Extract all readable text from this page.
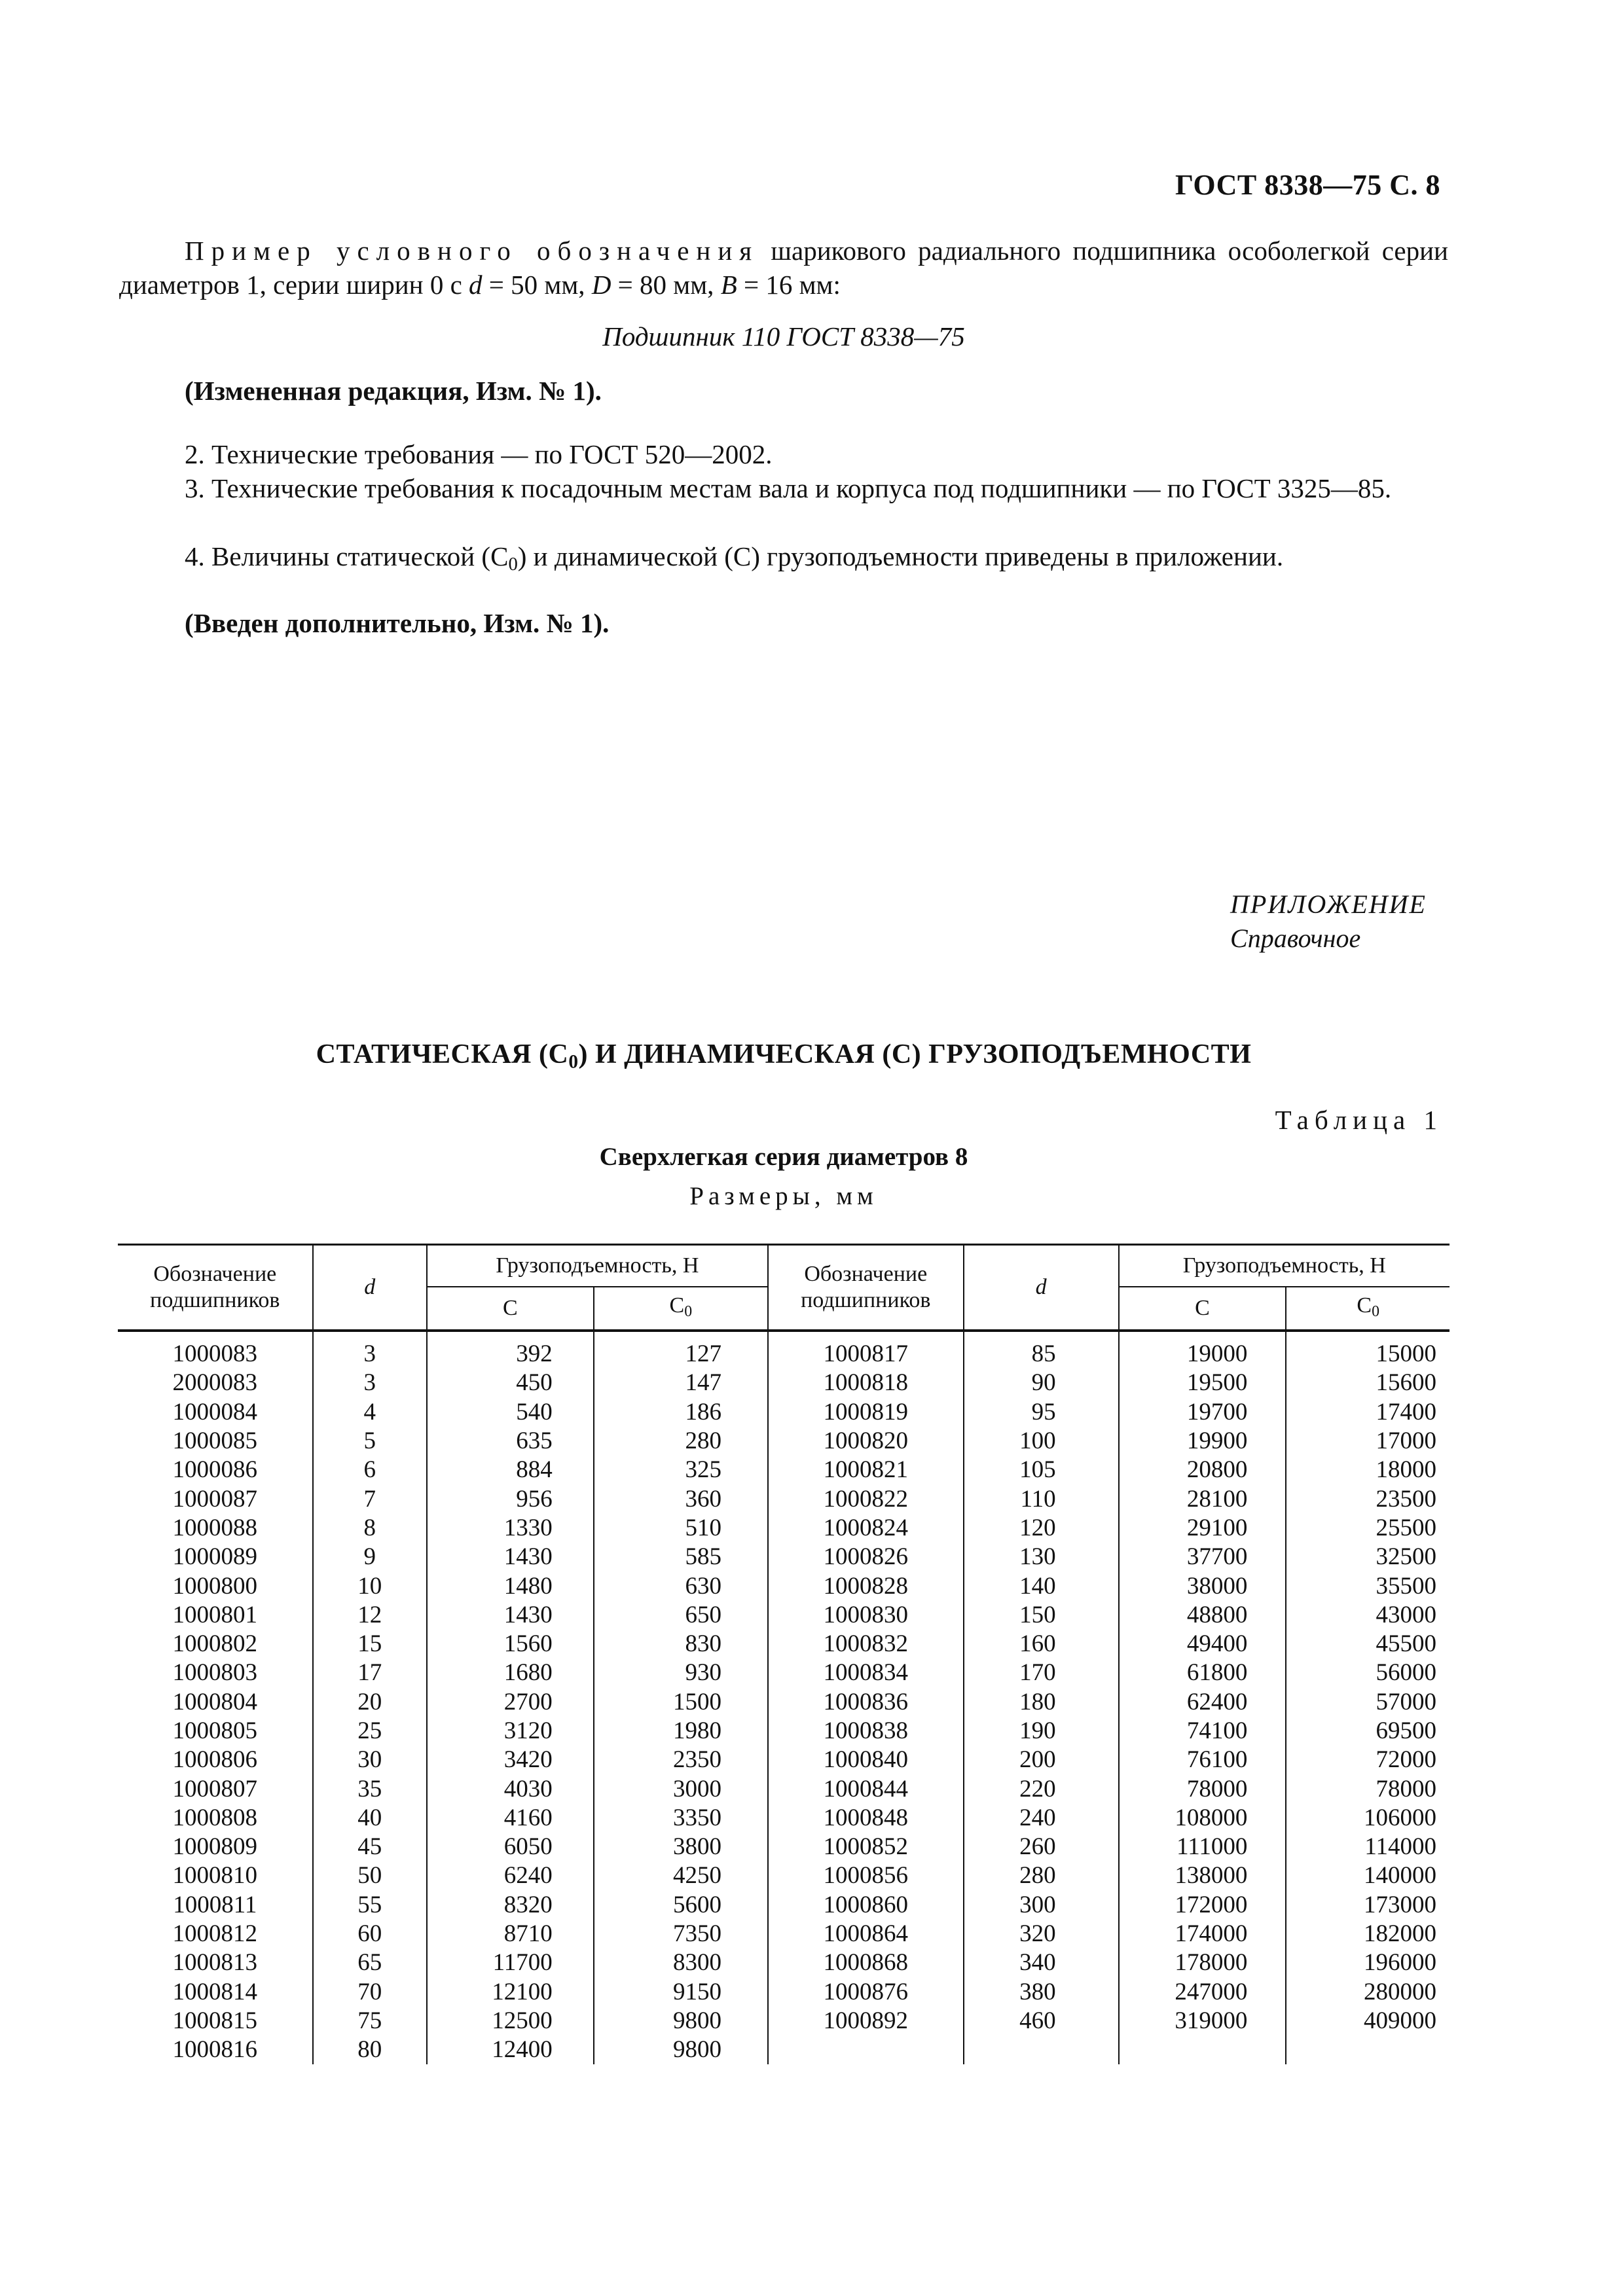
ГОСТ 8338—75 С. 8
Пример условного обозначения шарикового радиального подшипника особолегкой серии диаметров 1, серии ширин 0 с d = 50 мм, D = 80 мм, B = 16 мм:
Подшипник 110 ГОСТ 8338—75
(Измененная редакция, Изм. № 1).
2. Технические требования — по ГОСТ 520—2002.
3. Технические требования к посадочным местам вала и корпуса под подшипники — по ГОСТ 3325—85.
4. Величины статической $(С_0)$ и динамической (С) грузоподъемности приведены в приложении.
(Введен дополнительно, Изм. № 1).
ПРИЛОЖЕНИЕ
Справочное
СТАТИЧЕСКАЯ $(С_0)$ И ДИНАМИЧЕСКАЯ (С) ГРУЗОПОДЪЕМНОСТИ
Таблица 1
Сверхлегкая серия диаметров 8
Размеры, мм
Обозначение подшипников	d	Грузоподъемность, Н		Обозначение подшипников	d	Грузоподъемность, Н	
		С	$С_0$			С	$С_0$
1000083	3	392	127	1000817	85	19000	15000
2000083	3	450	147	1000818	90	19500	15600
1000084	4	540	186	1000819	95	19700	17400
1000085	5	635	280	1000820	100	19900	17000
1000086	6	884	325	1000821	105	20800	18000
1000087	7	956	360	1000822	110	28100	23500
1000088	8	1330	510	1000824	120	29100	25500
1000089	9	1430	585	1000826	130	37700	32500
1000800	10	1480	630	1000828	140	38000	35500
1000801	12	1430	650	1000830	150	48800	43000
1000802	15	1560	830	1000832	160	49400	45500
1000803	17	1680	930	1000834	170	61800	56000
1000804	20	2700	1500	1000836	180	62400	57000
1000805	25	3120	1980	1000838	190	74100	69500
1000806	30	3420	2350	1000840	200	76100	72000
1000807	35	4030	3000	1000844	220	78000	78000
1000808	40	4160	3350	1000848	240	108000	106000
1000809	45	6050	3800	1000852	260	111000	114000
1000810	50	6240	4250	1000856	280	138000	140000
1000811	55	8320	5600	1000860	300	172000	173000
1000812	60	8710	7350	1000864	320	174000	182000
1000813	65	11700	8300	1000868	340	178000	196000
1000814	70	12100	9150	1000876	380	247000	280000
1000815	75	12500	9800	1000892	460	319000	409000
1000816	80	12400	9800				
